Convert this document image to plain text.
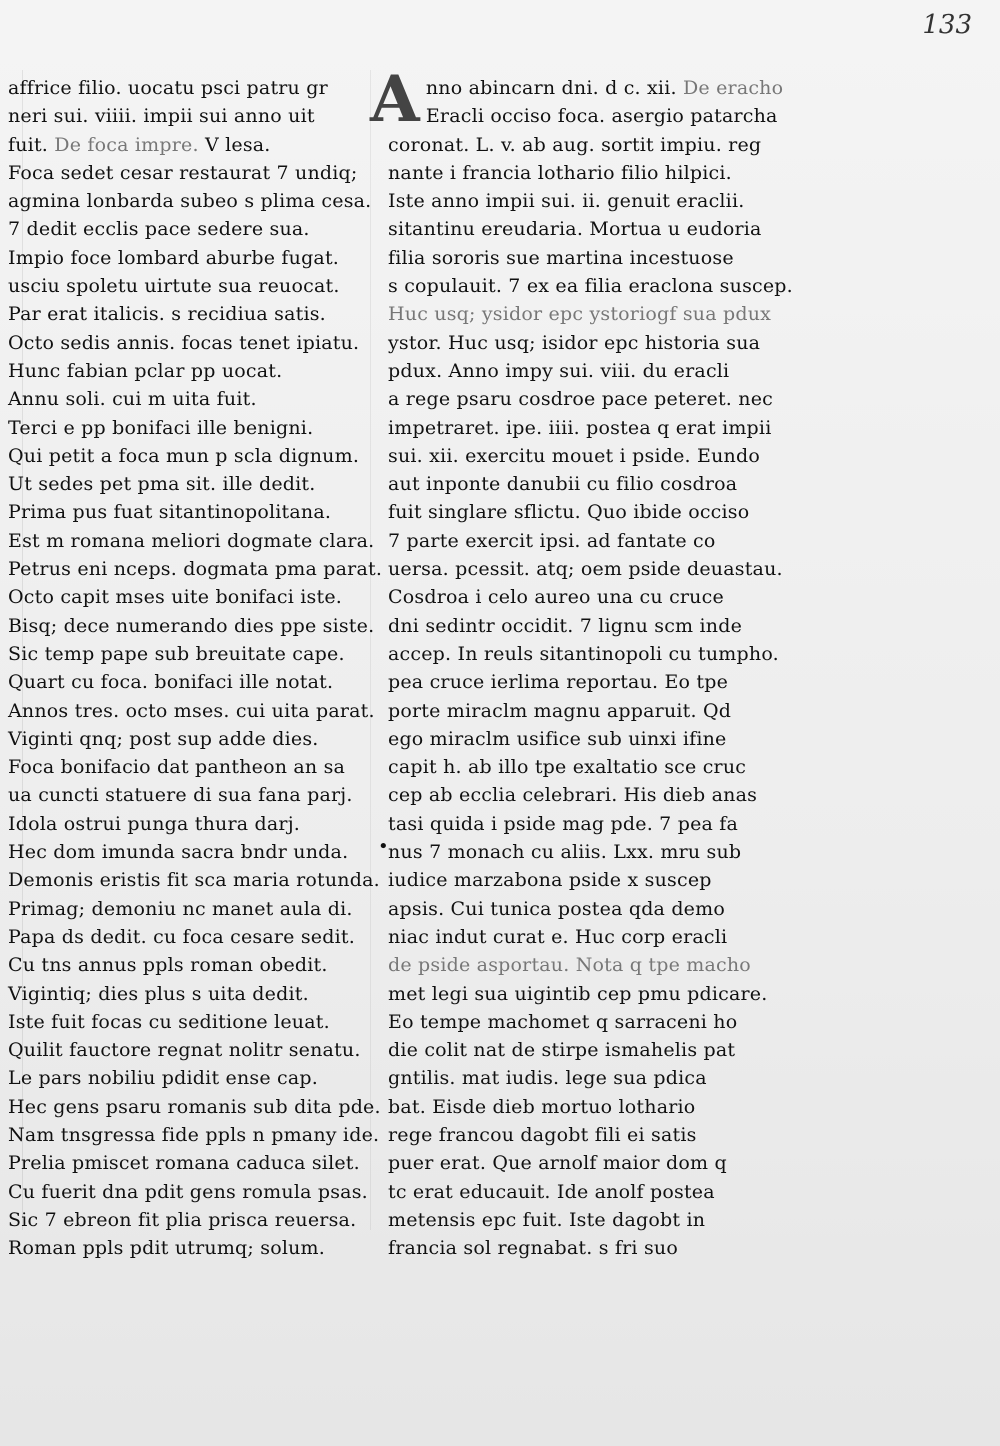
133
affrice filio. uocatu psci patru gr
neri sui. viiii. impii sui anno uit
fuit. De foca impre. V lesa.
Foca sedet cesar restaurat 7 undiq;
agmina lonbarda subeo s plima cesa.
7 dedit ecclis pace sedere sua.
Impio foce lombard aburbe fugat.
usciu spoletu uirtute sua reuocat.
Par erat italicis. s recidiua satis.
Octo sedis annis. focas tenet ipiatu.
Hunc fabian pclar pp uocat.
Annu soli. cui m uita fuit.
Terci e pp bonifaci ille benigni.
Qui petit a foca mun p scla dignum.
Ut sedes pet pma sit. ille dedit.
Prima pus fuat sitantinopolitana.
Est m romana meliori dogmate clara.
Petrus eni nceps. dogmata pma parat.
Octo capit mses uite bonifaci iste.
Bisq; dece numerando dies ppe siste.
Sic temp pape sub breuitate cape.
Quart cu foca. bonifaci ille notat.
Annos tres. octo mses. cui uita parat.
Viginti qnq; post sup adde dies.
Foca bonifacio dat pantheon an sa
ua cuncti statuere di sua fana parj.
Idola ostrui punga thura darj.
Hec dom imunda sacra bndr unda.
Demonis eristis fit sca maria rotunda.
Primag; demoniu nc manet aula di.
Papa ds dedit. cu foca cesare sedit.
Cu tns annus ppls roman obedit.
Vigintiq; dies plus s uita dedit.
Iste fuit focas cu seditione leuat.
Quilit fauctore regnat nolitr senatu.
Le pars nobiliu pdidit ense cap.
Hec gens psaru romanis sub dita pde.
Nam tnsgressa fide ppls n pmany ide.
Prelia pmiscet romana caduca silet.
Cu fuerit dna pdit gens romula psas.
Sic 7 ebreon fit plia prisca reuersa.
Roman ppls pdit utrumq; solum.
A nno abincarn dni. d c. xii. De eracho
Eracli occiso foca. asergio patarcha
coronat. L. v. ab aug. sortit impiu. reg
nante i francia lothario filio hilpici.
Iste anno impii sui. ii. genuit eraclii.
sitantinu ereudaria. Mortua u eudoria
filia sororis sue martina incestuose
s copulauit. 7 ex ea filia eraclona suscep.
Huc usq; ysidor epc ystoriogf sua pdux
ystor. Huc usq; isidor epc historia sua
pdux. Anno impy sui. viii. du eracli
a rege psaru cosdroe pace peteret. nec
impetraret. ipe. iiii. postea q erat impii
sui. xii. exercitu mouet i pside. Eundo
aut inponte danubii cu filio cosdroa
fuit singlare sflictu. Quo ibide occiso
7 parte exercit ipsi. ad fantate co
uersa. pcessit. atq; oem pside deuastau.
Cosdroa i celo aureo una cu cruce
dni sedintr occidit. 7 lignu scm inde
accep. In reuls sitantinopoli cu tumpho.
pea cruce ierlima reportau. Eo tpe
porte miraclm magnu apparuit. Qd
ego miraclm usifice sub uinxi ifine
capit h. ab illo tpe exaltatio sce cruc
cep ab ecclia celebrari. His dieb anas
tasi quida i pside mag pde. 7 pea fa
nus 7 monach cu aliis. Lxx. mru sub
iudice marzabona pside x suscep
apsis. Cui tunica postea qda demo
niac indut curat e. Huc corp eracli
de pside asportau. Nota q tpe macho
met legi sua uigintib cep pmu pdicare.
Eo tempe machomet q sarraceni ho
die colit nat de stirpe ismahelis pat
gntilis. mat iudis. lege sua pdica
bat. Eisde dieb mortuo lothario
rege francou dagobt fili ei satis
puer erat. Que arnolf maior dom q
tc erat educauit. Ide anolf postea
metensis epc fuit. Iste dagobt in
francia sol regnabat. s fri suo
•
